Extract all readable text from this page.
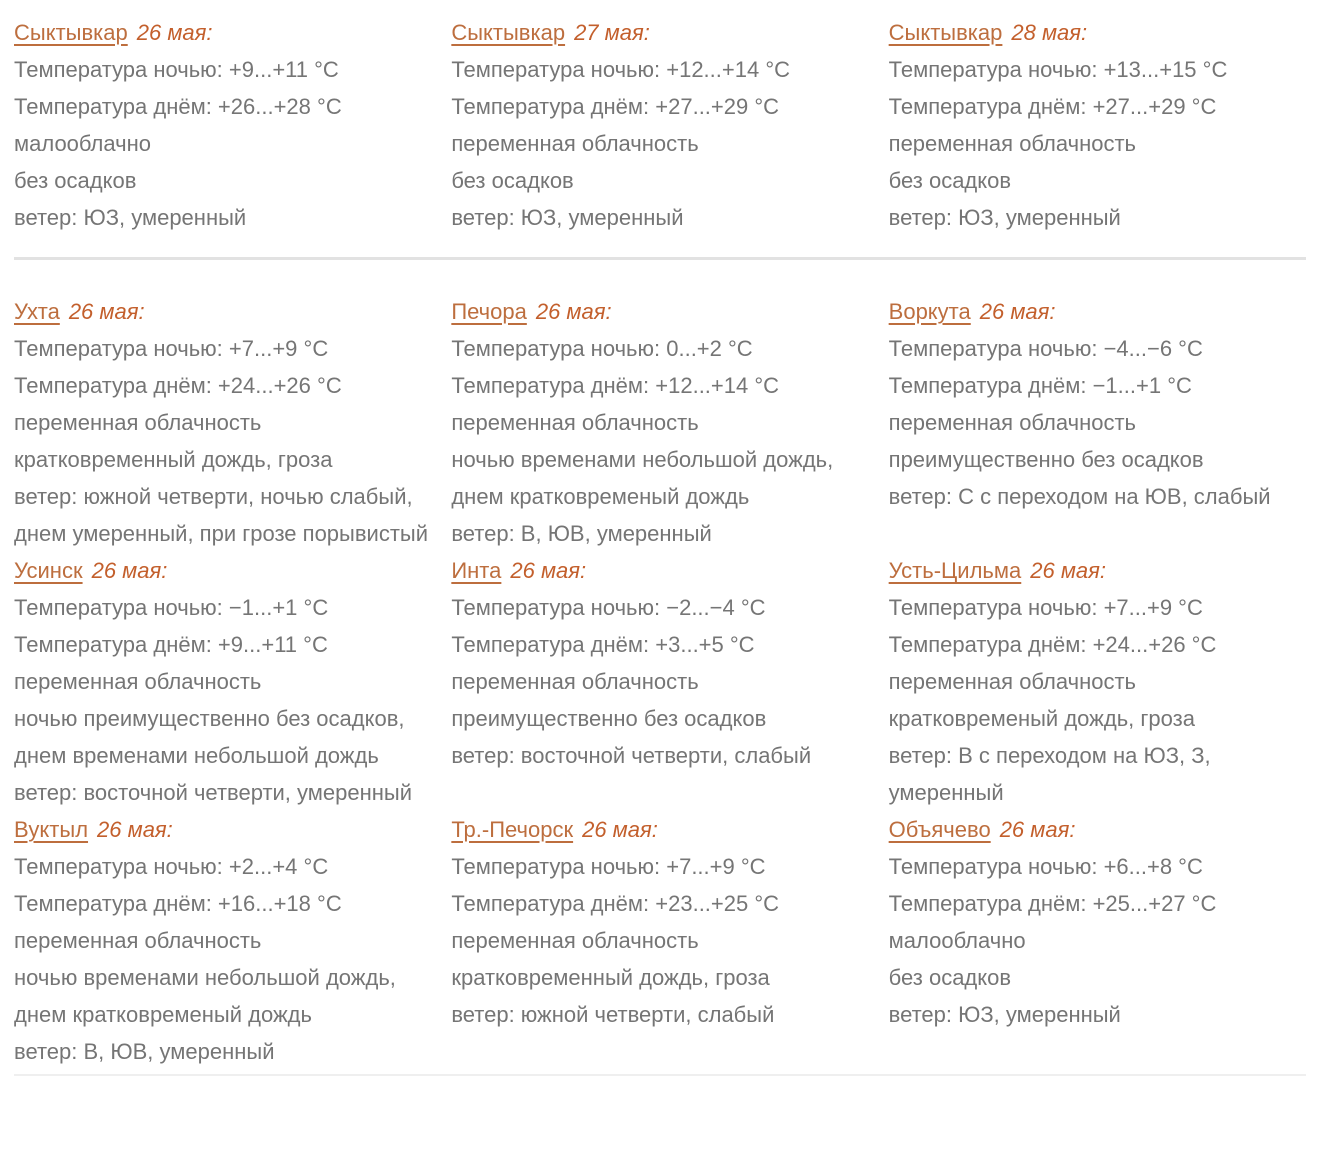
Сыктывкар 26 мая:
Температура ночью: +9...+11 °C
Температура днём: +26...+28 °C
малооблачно
без осадков
ветер: ЮЗ, умеренный
Сыктывкар 27 мая:
Температура ночью: +12...+14 °C
Температура днём: +27...+29 °C
переменная облачность
без осадков
ветер: ЮЗ, умеренный
Сыктывкар 28 мая:
Температура ночью: +13...+15 °C
Температура днём: +27...+29 °C
переменная облачность
без осадков
ветер: ЮЗ, умеренный
Ухта 26 мая:
Температура ночью: +7...+9 °C
Температура днём: +24...+26 °C
переменная облачность
кратковременный дождь, гроза
ветер: южной четверти, ночью слабый, днем умеренный, при грозе порывистый
Печора 26 мая:
Температура ночью: 0...+2 °C
Температура днём: +12...+14 °C
переменная облачность
ночью временами небольшой дождь, днем кратковременый дождь
ветер: В, ЮВ, умеренный
Воркута 26 мая:
Температура ночью: −4...−6 °C
Температура днём: −1...+1 °C
переменная облачность
преимущественно без осадков
ветер: С с переходом на ЮВ, слабый
Усинск 26 мая:
Температура ночью: −1...+1 °C
Температура днём: +9...+11 °C
переменная облачность
ночью преимущественно без осадков, днем временами небольшой дождь
ветер: восточной четверти, умеренный
Инта 26 мая:
Температура ночью: −2...−4 °C
Температура днём: +3...+5 °C
переменная облачность
преимущественно без осадков
ветер: восточной четверти, слабый
Усть-Цильма 26 мая:
Температура ночью: +7...+9 °C
Температура днём: +24...+26 °C
переменная облачность
кратковременый дождь, гроза
ветер: В с переходом на ЮЗ, З, умеренный
Вуктыл 26 мая:
Температура ночью: +2...+4 °C
Температура днём: +16...+18 °C
переменная облачность
ночью временами небольшой дождь, днем кратковременый дождь
ветер: В, ЮВ, умеренный
Тр.-Печорск 26 мая:
Температура ночью: +7...+9 °C
Температура днём: +23...+25 °C
переменная облачность
кратковременный дождь, гроза
ветер: южной четверти, слабый
Объячево 26 мая:
Температура ночью: +6...+8 °C
Температура днём: +25...+27 °C
малооблачно
без осадков
ветер: ЮЗ, умеренный
